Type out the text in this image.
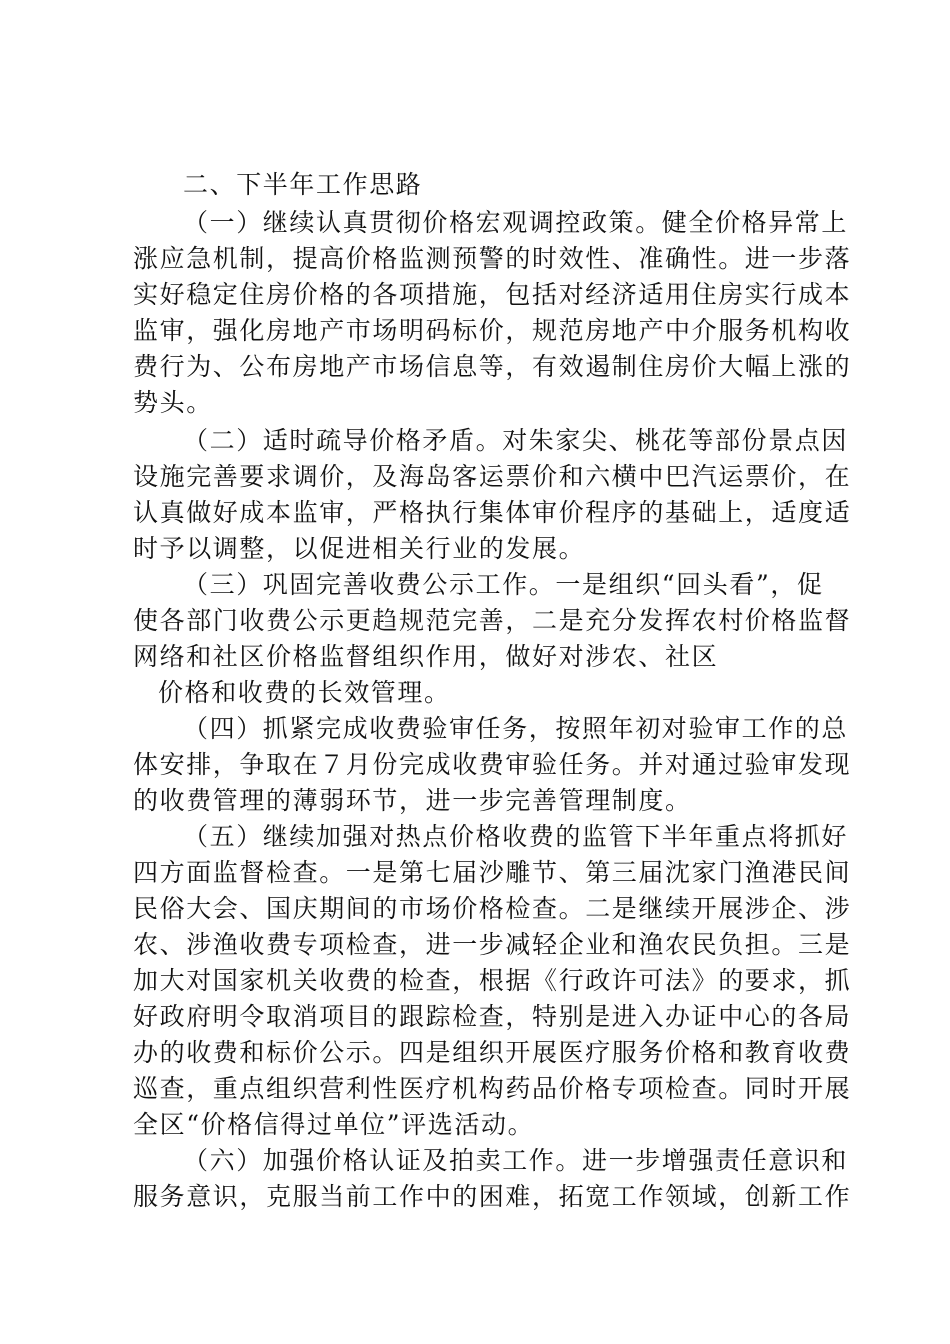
二、下半年工作思路
（一）继续认真贯彻价格宏观调控政策。健全价格异常上
涨应急机制，提高价格监测预警的时效性、准确性。进一步落
实好稳定住房价格的各项措施，包括对经济适用住房实行成本
监审，强化房地产市场明码标价，规范房地产中介服务机构收
费行为、公布房地产市场信息等，有效遏制住房价大幅上涨的
势头。
（二）适时疏导价格矛盾。对朱家尖、桃花等部份景点因
设施完善要求调价，及海岛客运票价和六横中巴汽运票价，在
认真做好成本监审，严格执行集体审价程序的基础上，适度适
时予以调整，以促进相关行业的发展。
（三）巩固完善收费公示工作。一是组织“回头看”，促
使各部门收费公示更趋规范完善，二是充分发挥农村价格监督
网络和社区价格监督组织作用，做好对涉农、社区
价格和收费的长效管理。
（四）抓紧完成收费验审任务，按照年初对验审工作的总
体安排，争取在７月份完成收费审验任务。并对通过验审发现
的收费管理的薄弱环节，进一步完善管理制度。
（五）继续加强对热点价格收费的监管下半年重点将抓好
四方面监督检查。一是第七届沙雕节、第三届沈家门渔港民间
民俗大会、国庆期间的市场价格检查。二是继续开展涉企、涉
农、涉渔收费专项检查，进一步减轻企业和渔农民负担。三是
加大对国家机关收费的检查，根据《行政许可法》的要求，抓
好政府明令取消项目的跟踪检查，特别是进入办证中心的各局
办的收费和标价公示。四是组织开展医疗服务价格和教育收费
巡查，重点组织营利性医疗机构药品价格专项检查。同时开展
全区“价格信得过单位”评选活动。
（六）加强价格认证及拍卖工作。进一步增强责任意识和
服务意识，克服当前工作中的困难，拓宽工作领域，创新工作
